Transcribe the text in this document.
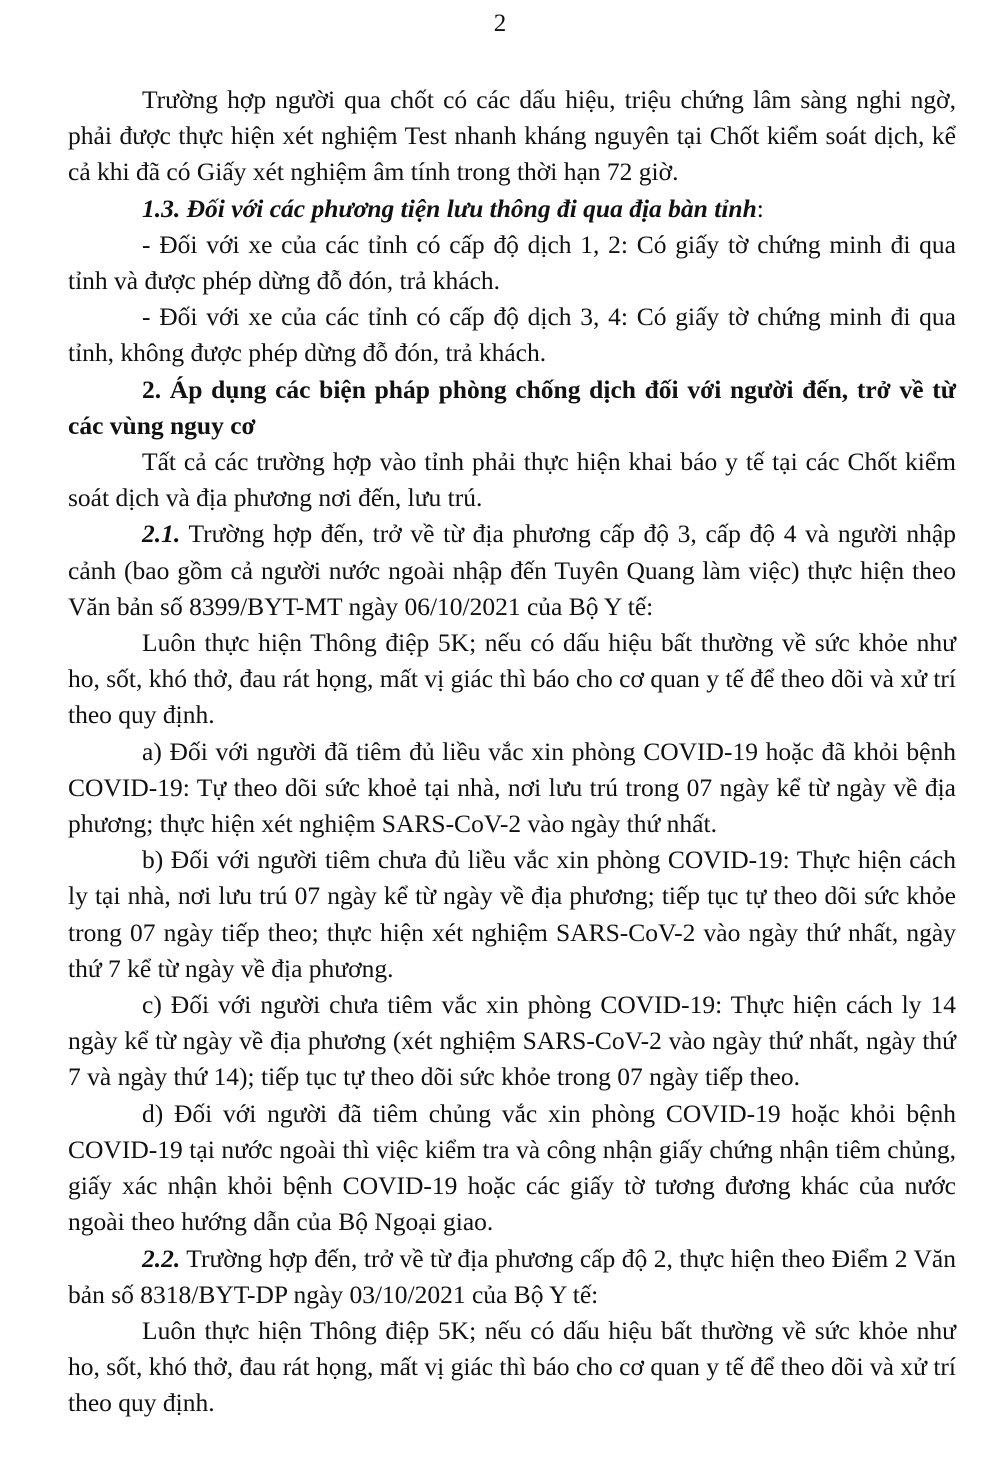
2

Trường hợp người qua chốt có các dấu hiệu, triệu chứng lâm sàng nghi ngờ, phải được thực hiện xét nghiệm Test nhanh kháng nguyên tại Chốt kiểm soát dịch, kể cả khi đã có Giấy xét nghiệm âm tính trong thời hạn 72 giờ.

1.3. Đối với các phương tiện lưu thông đi qua địa bàn tỉnh:

- Đối với xe của các tỉnh có cấp độ dịch 1, 2: Có giấy tờ chứng minh đi qua tỉnh và được phép dừng đỗ đón, trả khách.

- Đối với xe của các tỉnh có cấp độ dịch 3, 4: Có giấy tờ chứng minh đi qua tỉnh, không được phép dừng đỗ đón, trả khách.

2. Áp dụng các biện pháp phòng chống dịch đối với người đến, trở về từ các vùng nguy cơ

Tất cả các trường hợp vào tỉnh phải thực hiện khai báo y tế tại các Chốt kiểm soát dịch và địa phương nơi đến, lưu trú.

2.1. Trường hợp đến, trở về từ địa phương cấp độ 3, cấp độ 4 và người nhập cảnh (bao gồm cả người nước ngoài nhập đến Tuyên Quang làm việc) thực hiện theo Văn bản số 8399/BYT-MT ngày 06/10/2021 của Bộ Y tế:

Luôn thực hiện Thông điệp 5K; nếu có dấu hiệu bất thường về sức khỏe như ho, sốt, khó thở, đau rát họng, mất vị giác thì báo cho cơ quan y tế để theo dõi và xử trí theo quy định.

a) Đối với người đã tiêm đủ liều vắc xin phòng COVID-19 hoặc đã khỏi bệnh COVID-19: Tự theo dõi sức khoẻ tại nhà, nơi lưu trú trong 07 ngày kể từ ngày về địa phương; thực hiện xét nghiệm SARS-CoV-2 vào ngày thứ nhất.

b) Đối với người tiêm chưa đủ liều vắc xin phòng COVID-19: Thực hiện cách ly tại nhà, nơi lưu trú 07 ngày kể từ ngày về địa phương; tiếp tục tự theo dõi sức khỏe trong 07 ngày tiếp theo; thực hiện xét nghiệm SARS-CoV-2 vào ngày thứ nhất, ngày thứ 7 kể từ ngày về địa phương.

c) Đối với người chưa tiêm vắc xin phòng COVID-19: Thực hiện cách ly 14 ngày kể từ ngày về địa phương (xét nghiệm SARS-CoV-2 vào ngày thứ nhất, ngày thứ 7 và ngày thứ 14); tiếp tục tự theo dõi sức khỏe trong 07 ngày tiếp theo.

d) Đối với người đã tiêm chủng vắc xin phòng COVID-19 hoặc khỏi bệnh COVID-19 tại nước ngoài thì việc kiểm tra và công nhận giấy chứng nhận tiêm chủng, giấy xác nhận khỏi bệnh COVID-19 hoặc các giấy tờ tương đương khác của nước ngoài theo hướng dẫn của Bộ Ngoại giao.

2.2. Trường hợp đến, trở về từ địa phương cấp độ 2, thực hiện theo Điểm 2 Văn bản số 8318/BYT-DP ngày 03/10/2021 của Bộ Y tế:

Luôn thực hiện Thông điệp 5K; nếu có dấu hiệu bất thường về sức khỏe như ho, sốt, khó thở, đau rát họng, mất vị giác thì báo cho cơ quan y tế để theo dõi và xử trí theo quy định.
